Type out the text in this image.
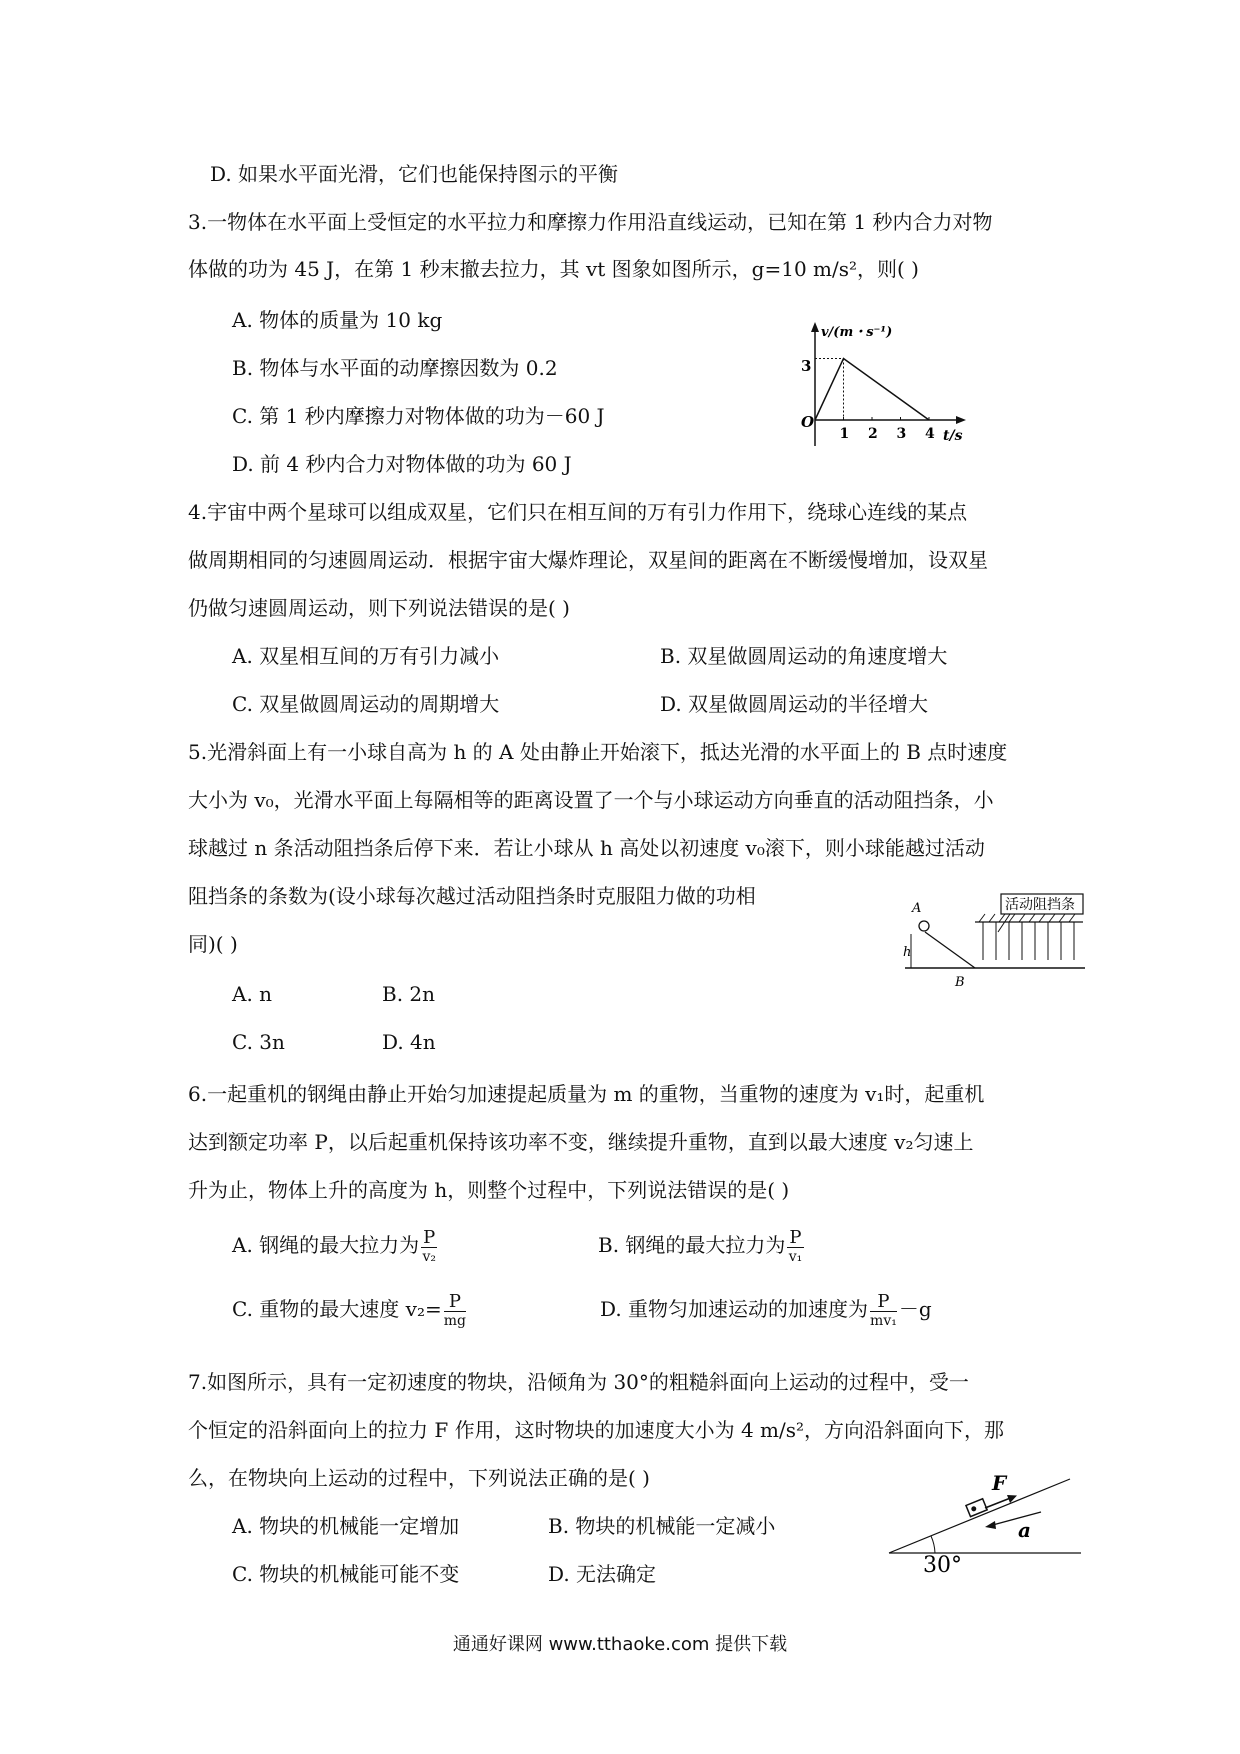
D. 如果水平面光滑，它们也能保持图示的平衡
3.一物体在水平面上受恒定的水平拉力和摩擦力作用沿直线运动，已知在第 1 秒内合力对物
体做的功为 45 J，在第 1 秒末撤去拉力，其 vt 图象如图所示，g=10 m/s²，则( )
A. 物体的质量为 10 kg
B. 物体与水平面的动摩擦因数为 0.2
C. 第 1 秒内摩擦力对物体做的功为－60 J
D. 前 4 秒内合力对物体做的功为 60 J
v/(m・s⁻¹)
t/s
O
3
1 2 3 4
4.宇宙中两个星球可以组成双星，它们只在相互间的万有引力作用下，绕球心连线的某点
做周期相同的匀速圆周运动．根据宇宙大爆炸理论，双星间的距离在不断缓慢增加，设双星
仍做匀速圆周运动，则下列说法错误的是( )
A. 双星相互间的万有引力减小	B. 双星做圆周运动的角速度增大
C. 双星做圆周运动的周期增大	D. 双星做圆周运动的半径增大
5.光滑斜面上有一小球自高为 h 的 A 处由静止开始滚下，抵达光滑的水平面上的 B 点时速度
大小为 v₀，光滑水平面上每隔相等的距离设置了一个与小球运动方向垂直的活动阻挡条，小
球越过 n 条活动阻挡条后停下来．若让小球从 h 高处以初速度 v₀滚下，则小球能越过活动
阻挡条的条数为(设小球每次越过活动阻挡条时克服阻力做的功相
同)( )
A. n	B. 2n
C. 3n	D. 4n
A
h
B
活动阻挡条
6.一起重机的钢绳由静止开始匀加速提起质量为 m 的重物，当重物的速度为 v₁时，起重机
达到额定功率 P，以后起重机保持该功率不变，继续提升重物，直到以最大速度 v₂匀速上
升为止，物体上升的高度为 h，则整个过程中，下列说法错误的是( )
A. 钢绳的最大拉力为 $\frac{P}{\text{v₂}}$	B. 钢绳的最大拉力为 $\frac{P}{\text{v₁}}$
C. 重物的最大速度 $v_2= \frac{P}{mg}$	D. 重物匀加速运动的加速度为 $\frac{P}{\text{mv₁}} -g$
7.如图所示，具有一定初速度的物块，沿倾角为 30°的粗糙斜面向上运动的过程中，受一
个恒定的沿斜面向上的拉力 F 作用，这时物块的加速度大小为 4 m/s²，方向沿斜面向下，那
么，在物块向上运动的过程中，下列说法正确的是( )
A. 物块的机械能一定增加	B. 物块的机械能一定减小
C. 物块的机械能可能不变	D. 无法确定	30°
F
a
通通好课网 www.tthaoke.com 提供下载
